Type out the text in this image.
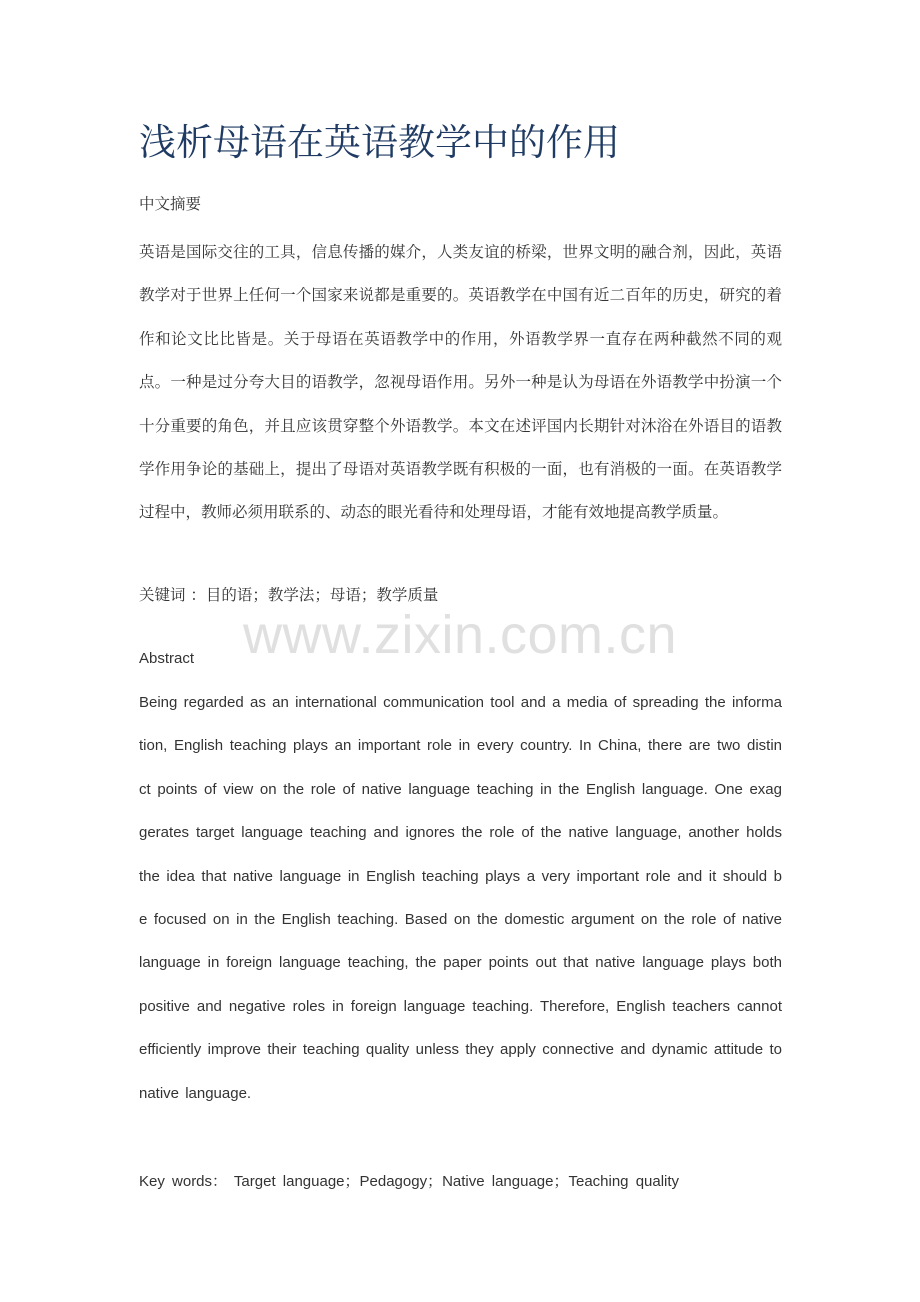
浅析母语在英语教学中的作用
中文摘要

英语是国际交往的工具，信息传播的媒介，人类友谊的桥梁，世界文明的融合剂，因此，英语教学对于世界上任何一个国家来说都是重要的。英语教学在中国有近二百年的历史，研究的着作和论文比比皆是。关于母语在英语教学中的作用，外语教学界一直存在两种截然不同的观点。一种是过分夸大目的语教学，忽视母语作用。另外一种是认为母语在外语教学中扮演一个十分重要的角色，并且应该贯穿整个外语教学。本文在述评国内长期针对沐浴在外语目的语教学作用争论的基础上，提出了母语对英语教学既有积极的一面，也有消极的一面。在英语教学过程中，教师必须用联系的、动态的眼光看待和处理母语，才能有效地提高教学质量。

关键词 ：目的语；教学法；母语；教学质量
www.zixin.com.cn
Abstract

Being regarded as an international communication tool and a media of spreading the information, English teaching plays an important role in every country. In China, there are two distinct points of view on the role of native language teaching in the English language. One exaggerates target language teaching and ignores the role of the native language, another holds the idea that native language in English teaching plays a very important role and it should be focused on in the English teaching. Based on the domestic argument on the role of native language in foreign language teaching, the paper points out that native language plays both positive and negative roles in foreign language teaching. Therefore, English teachers cannot efficiently improve their teaching quality unless they apply connective and dynamic attitude to native language.

Key words： Target language；Pedagogy；Native language；Teaching quality
